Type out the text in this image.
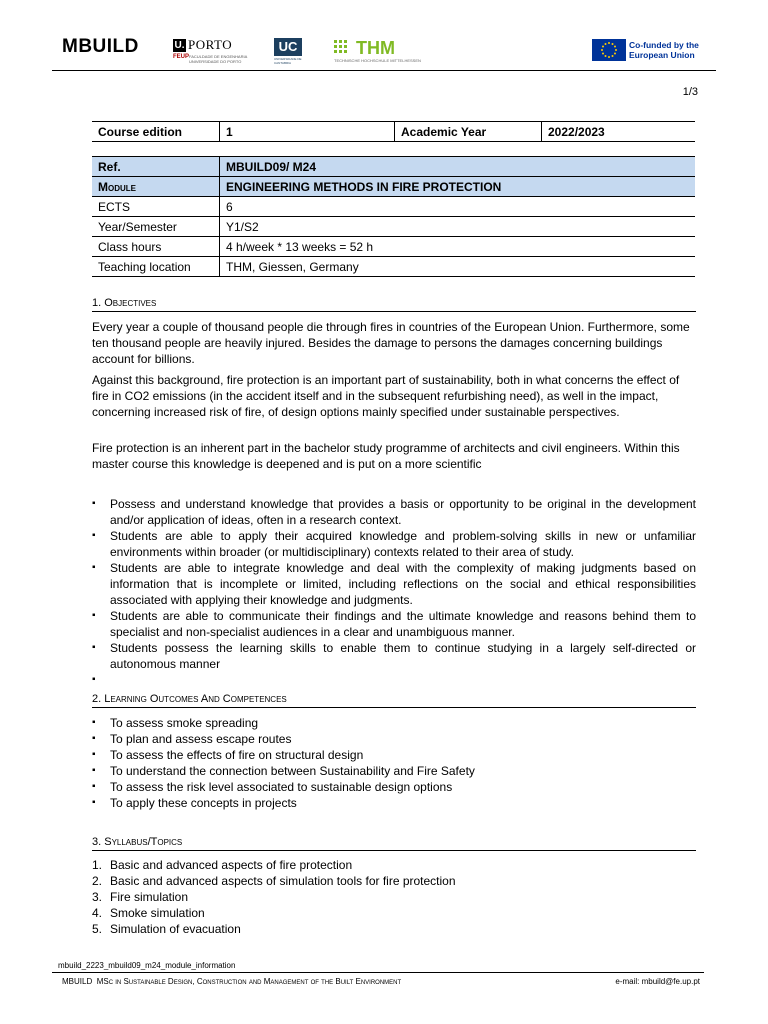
MBUILD	U. PORTO
FEUP FACULDADE DE ENGENHARIA UNIVERSIDADE DO PORTO
UC
UNIVERSIDADE DE CANTABRIA
THM
TECHNISCHE HOCHSCHULE MITTELHESSEN
Co-funded by the
European Union
1/3
Course edition	1	Academic Year	2022/2023
Ref.	MBUILD09/ M24
Module	ENGINEERING METHODS IN FIRE PROTECTION
ECTS	6
Year/Semester	Y1/S2
Class hours	4 h/week * 13 weeks = 52 h
Teaching location	THM, Giessen, Germany
1. Objectives
Every year a couple of thousand people die through fires in countries of the European Union. Furthermore, some ten thousand people are heavily injured. Besides the damage to persons the damages concerning buildings account for billions.
Against this background, fire protection is an important part of sustainability, both in what concerns the effect of fire in CO2 emissions (in the accident itself and in the subsequent refurbishing need), as well in the impact, concerning increased risk of fire, of design options mainly specified under sustainable perspectives.
Fire protection is an inherent part in the bachelor study programme of architects and civil engineers. Within this master course this knowledge is deepened and is put on a more scientific
▪ Possess and understand knowledge that provides a basis or opportunity to be original in the development and/or application of ideas, often in a research context.
▪ Students are able to apply their acquired knowledge and problem-solving skills in new or unfamiliar environments within broader (or multidisciplinary) contexts related to their area of study.
▪ Students are able to integrate knowledge and deal with the complexity of making judgments based on information that is incomplete or limited, including reflections on the social and ethical responsibilities associated with applying their knowledge and judgments.
▪ Students are able to communicate their findings and the ultimate knowledge and reasons behind them to specialist and non-specialist audiences in a clear and unambiguous manner.
▪ Students possess the learning skills to enable them to continue studying in a largely self-directed or autonomous manner
▪
2. Learning Outcomes And Competences
▪ To assess smoke spreading
▪ To plan and assess escape routes
▪ To assess the effects of fire on structural design
▪ To understand the connection between Sustainability and Fire Safety
▪ To assess the risk level associated to sustainable design options
▪ To apply these concepts in projects
3. Syllabus/Topics
1. Basic and advanced aspects of fire protection
2. Basic and advanced aspects of simulation tools for fire protection
3. Fire simulation
4. Smoke simulation
5. Simulation of evacuation
mbuild_2223_mbuild09_m24_module_information
MBUILD MSc in Sustainable Design, Construction and Management of the Built Environment	e-mail: mbuild@fe.up.pt
